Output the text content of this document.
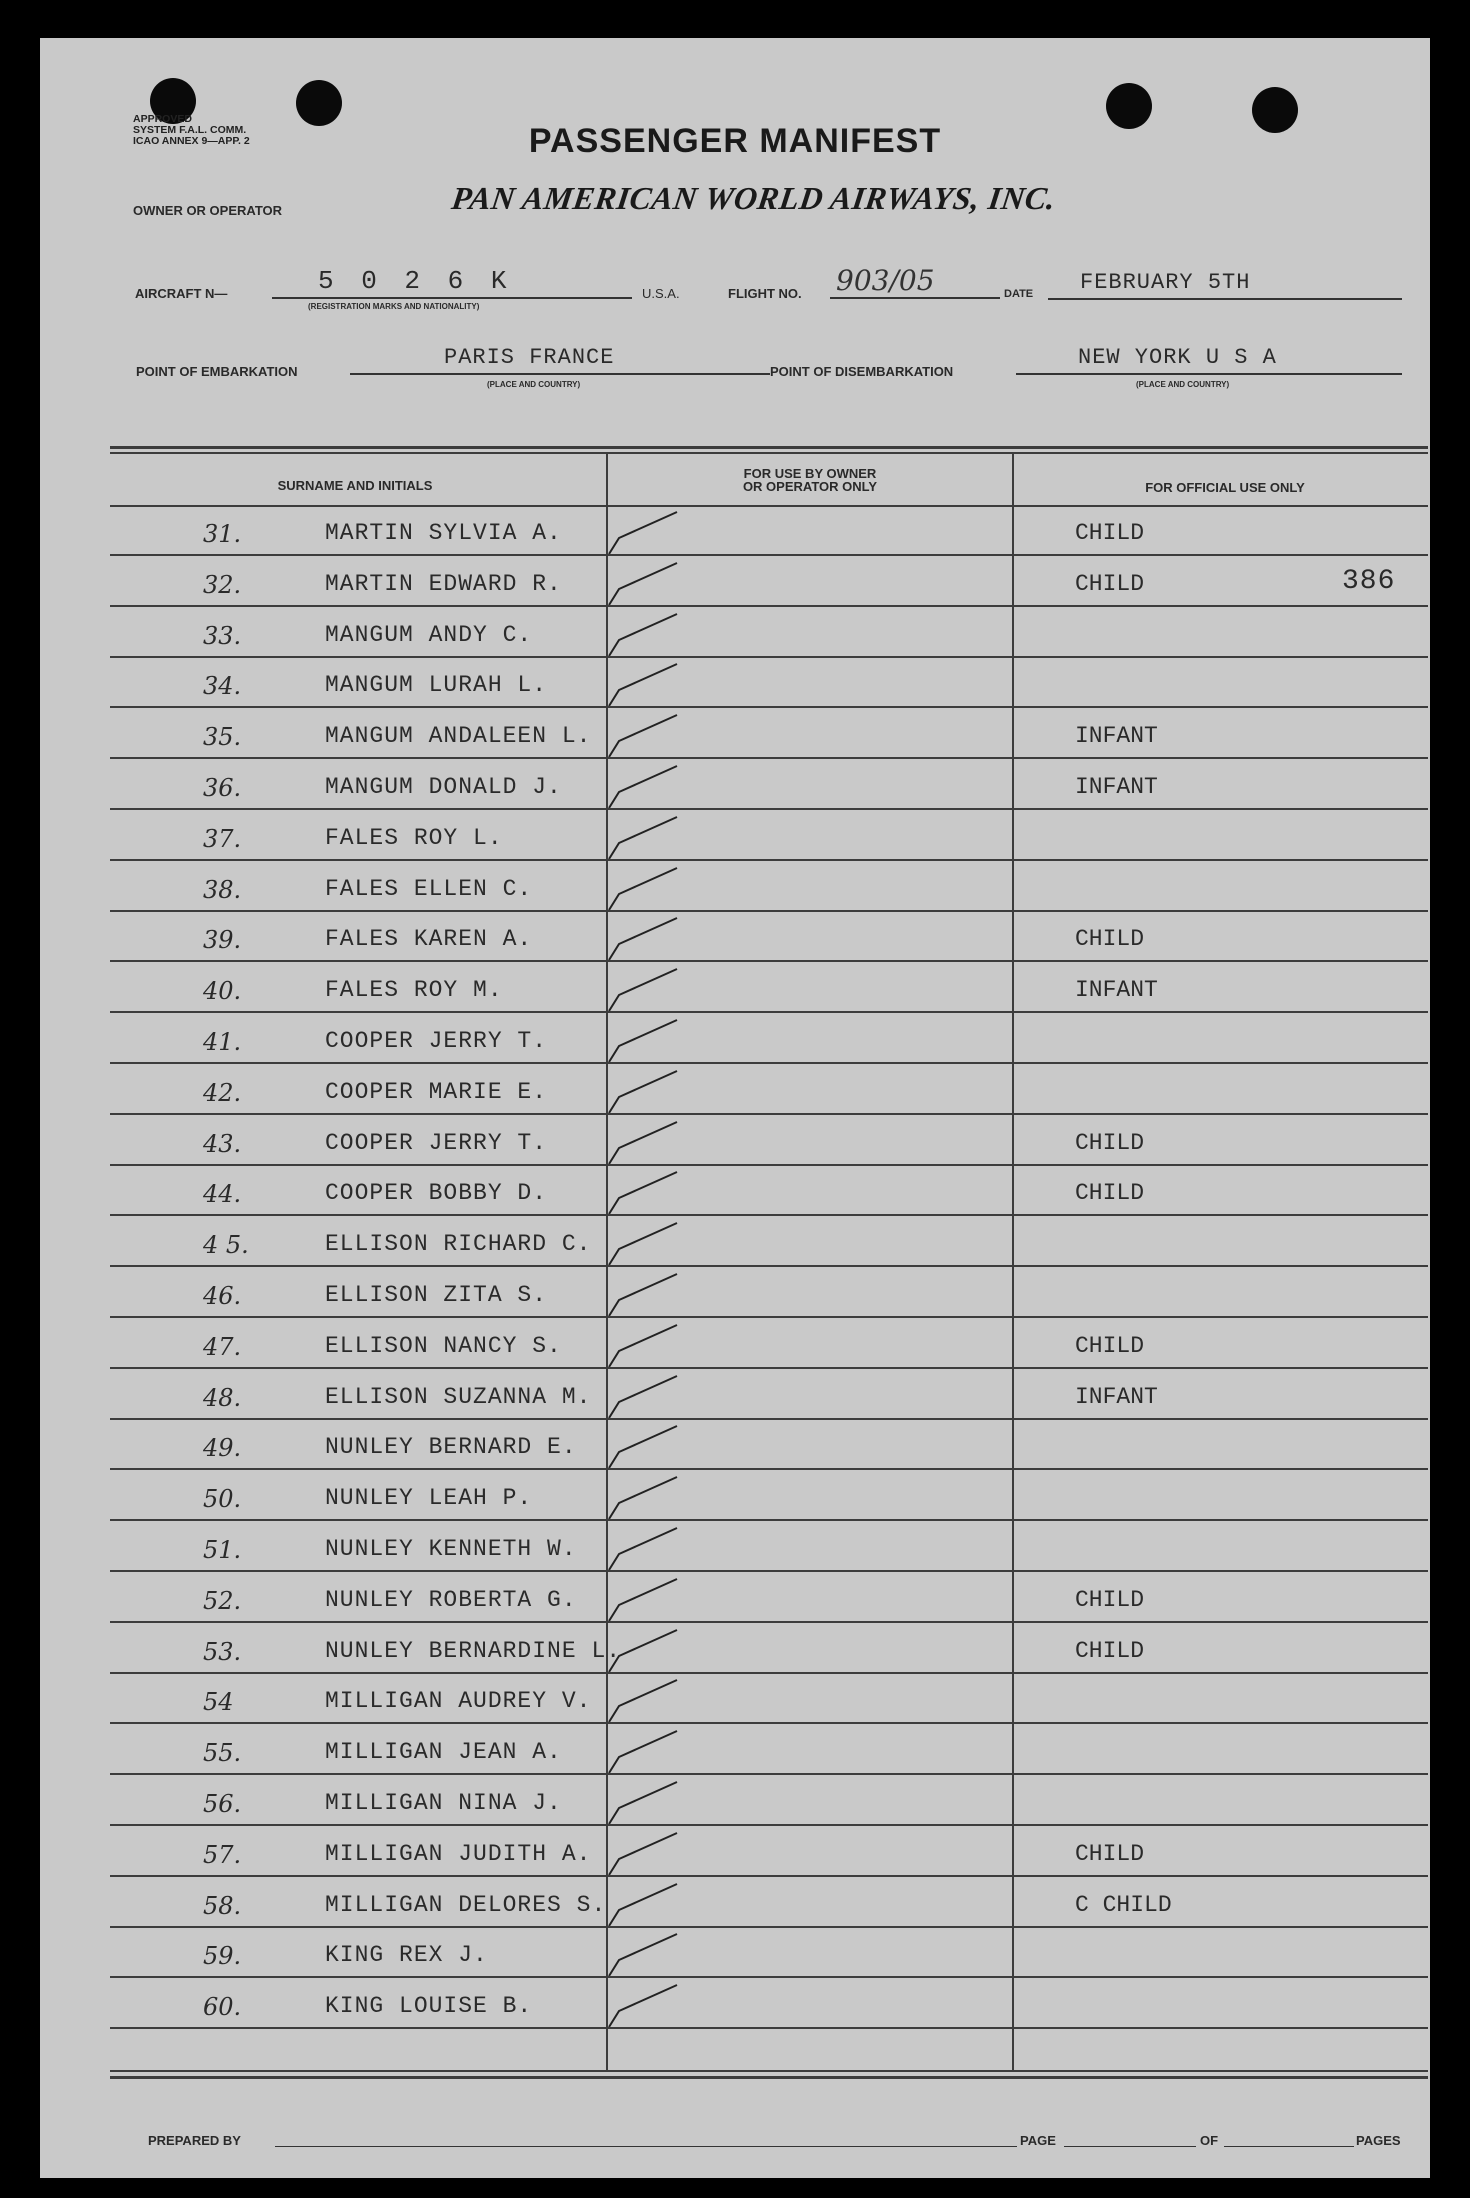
APPROVED
SYSTEM F.A.L. COMM.
ICAO ANNEX 9—APP. 2	PASSENGER MANIFEST
OWNER OR OPERATOR	PAN AMERICAN WORLD AIRWAYS, INC.
AIRCRAFT N—	5 0 2 6 K
(REGISTRATION MARKS AND NATIONALITY)
U.S.A.	FLIGHT NO. 903/05	DATE FEBRUARY 5TH
POINT OF EMBARKATION
PARIS FRANCE
(PLACE AND COUNTRY)
POINT OF DISEMBARKATION
NEW YORK U S A
(PLACE AND COUNTRY)
SURNAME AND INITIALS
FOR USE BY OWNER
OR OPERATOR ONLY	FOR OFFICIAL USE ONLY
386
31.	MARTIN SYLVIA A.	CHILD
32.	MARTIN EDWARD R.	CHILD
33.	MANGUM ANDY C.
34.	MANGUM LURAH L.
35.	MANGUM ANDALEEN L.	INFANT
36.	MANGUM DONALD J.	INFANT
37.	FALES ROY L.
38.	FALES ELLEN C.
39.	FALES KAREN A.	CHILD
40.	FALES ROY M.	INFANT
41.	COOPER JERRY T.
42.	COOPER MARIE E.
43.	COOPER JERRY T.	CHILD
44.	COOPER BOBBY D.	CHILD
4 5.	ELLISON RICHARD C.
46.	ELLISON ZITA S.
47.	ELLISON NANCY S.	CHILD
48.	ELLISON SUZANNA M.	INFANT
49.	NUNLEY BERNARD E.
50.	NUNLEY LEAH P.
51.	NUNLEY KENNETH W.
52.	NUNLEY ROBERTA G.	CHILD
53.	NUNLEY BERNARDINE L.	CHILD
54	MILLIGAN AUDREY V.
55.	MILLIGAN JEAN A.
56.	MILLIGAN NINA J.
57.	MILLIGAN JUDITH A.	CHILD
58.	MILLIGAN DELORES S.	C CHILD
59.	KING REX J.
60.	KING LOUISE B.
PREPARED BY	PAGE	OF	PAGES
